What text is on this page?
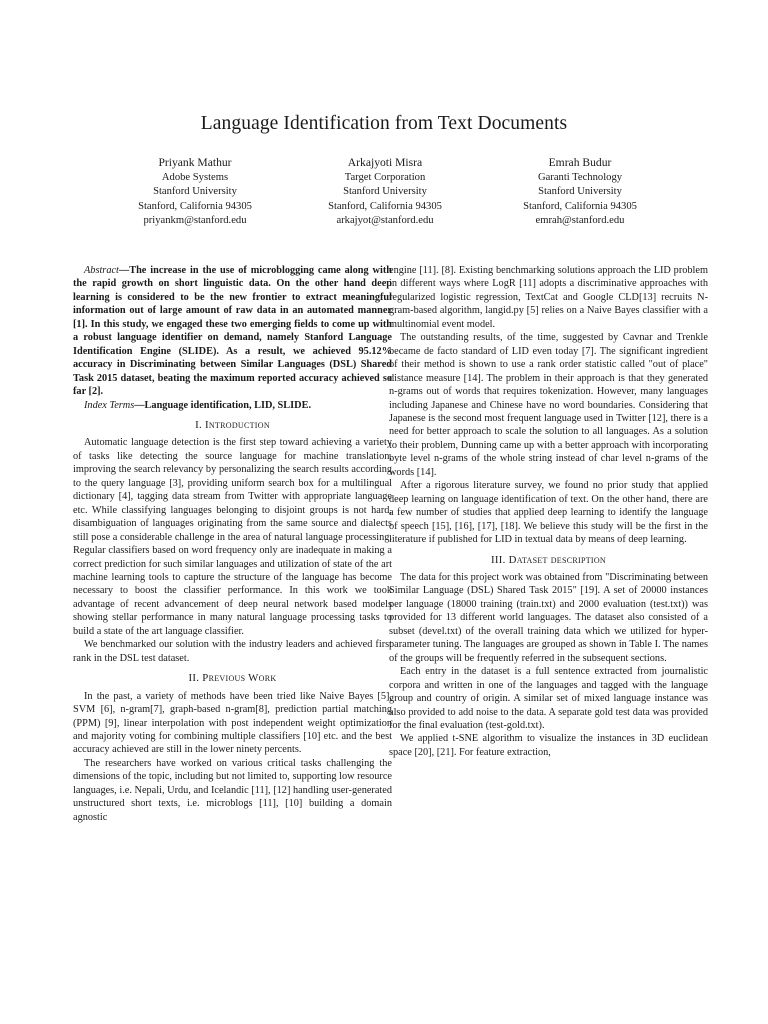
Language Identification from Text Documents
Priyank Mathur
Adobe Systems
Stanford University
Stanford, California 94305
priyankm@stanford.edu
Arkajyoti Misra
Target Corporation
Stanford University
Stanford, California 94305
arkajyot@stanford.edu
Emrah Budur
Garanti Technology
Stanford University
Stanford, California 94305
emrah@stanford.edu

Abstract—The increase in the use of microblogging came along with the rapid growth on short linguistic data. On the other hand deep learning is considered to be the new frontier to extract meaningful information out of large amount of raw data in an automated manner [1]. In this study, we engaged these two emerging fields to come up with a robust language identifier on demand, namely Stanford Language Identification Engine (SLIDE). As a result, we achieved 95.12% accuracy in Discriminating between Similar Languages (DSL) Shared Task 2015 dataset, beating the maximum reported accuracy achieved so far [2].

Index Terms—Language identification, LID, SLIDE.

I. Introduction

Automatic language detection is the first step toward achieving a variety of tasks like detecting the source language for machine translation, improving the search relevancy by personalizing the search results according to the query language [3], providing uniform search box for a multilingual dictionary [4], tagging data stream from Twitter with appropriate language etc. While classifying languages belonging to disjoint groups is not hard, disambiguation of languages originating from the same source and dialects still pose a considerable challenge in the area of natural language processing. Regular classifiers based on word frequency only are inadequate in making a correct prediction for such similar languages and utilization of state of the art machine learning tools to capture the structure of the language has become necessary to boost the classifier performance. In this work we took advantage of recent advancement of deep neural network based models showing stellar performance in many natural language processing tasks to build a state of the art language classifier.

We benchmarked our solution with the industry leaders and achieved first rank in the DSL test dataset.

II. Previous Work

In the past, a variety of methods have been tried like Naive Bayes [5], SVM [6], n-gram[7], graph-based n-gram[8], prediction partial matching (PPM) [9], linear interpolation with post independent weight optimization and majority voting for combining multiple classifiers [10] etc. and the best accuracy achieved are still in the lower ninety percents.

The researchers have worked on various critical tasks challenging the dimensions of the topic, including but not limited to, supporting low resource languages, i.e. Nepali, Urdu, and Icelandic [11], [12] handling user-generated unstructured short texts, i.e. microblogs [11], [10] building a domain agnostic

engine [11]. [8]. Existing benchmarking solutions approach the LID problem in different ways where LogR [11] adopts a discriminative approaches with regularized logistic regression, TextCat and Google CLD[13] recruits N-gram-based algorithm, langid.py [5] relies on a Naive Bayes classifier with a multinomial event model.

The outstanding results, of the time, suggested by Cavnar and Trenkle became de facto standard of LID even today [7]. The significant ingredient of their method is shown to use a rank order statistic called "out of place" distance measure [14]. The problem in their approach is that they generated n-grams out of words that requires tokenization. However, many languages including Japanese and Chinese have no word boundaries. Considering that Japanese is the second most frequent language used in Twitter [12], there is a need for better approach to scale the solution to all languages. As a solution to their problem, Dunning came up with a better approach with incorporating byte level n-grams of the whole string instead of char level n-grams of the words [14].

After a rigorous literature survey, we found no prior study that applied deep learning on language identification of text. On the other hand, there are a few number of studies that applied deep learning to identify the language of speech [15], [16], [17], [18]. We believe this study will be the first in the literature if published for LID in textual data by means of deep learning.

III. Dataset description

The data for this project work was obtained from "Discriminating between Similar Language (DSL) Shared Task 2015" [19]. A set of 20000 instances per language (18000 training (train.txt) and 2000 evaluation (test.txt)) was provided for 13 different world languages. The dataset also consisted of a subset (devel.txt) of the overall training data which we utilized for hyper-parameter tuning. The languages are grouped as shown in Table I. The names of the groups will be frequently referred in the subsequent sections.

Each entry in the dataset is a full sentence extracted from journalistic corpora and written in one of the languages and tagged with the language group and country of origin. A similar set of mixed language instance was also provided to add noise to the data. A separate gold test data was provided for the final evaluation (test-gold.txt).

We applied t-SNE algorithm to visualize the instances in 3D euclidean space [20], [21]. For feature extraction,
